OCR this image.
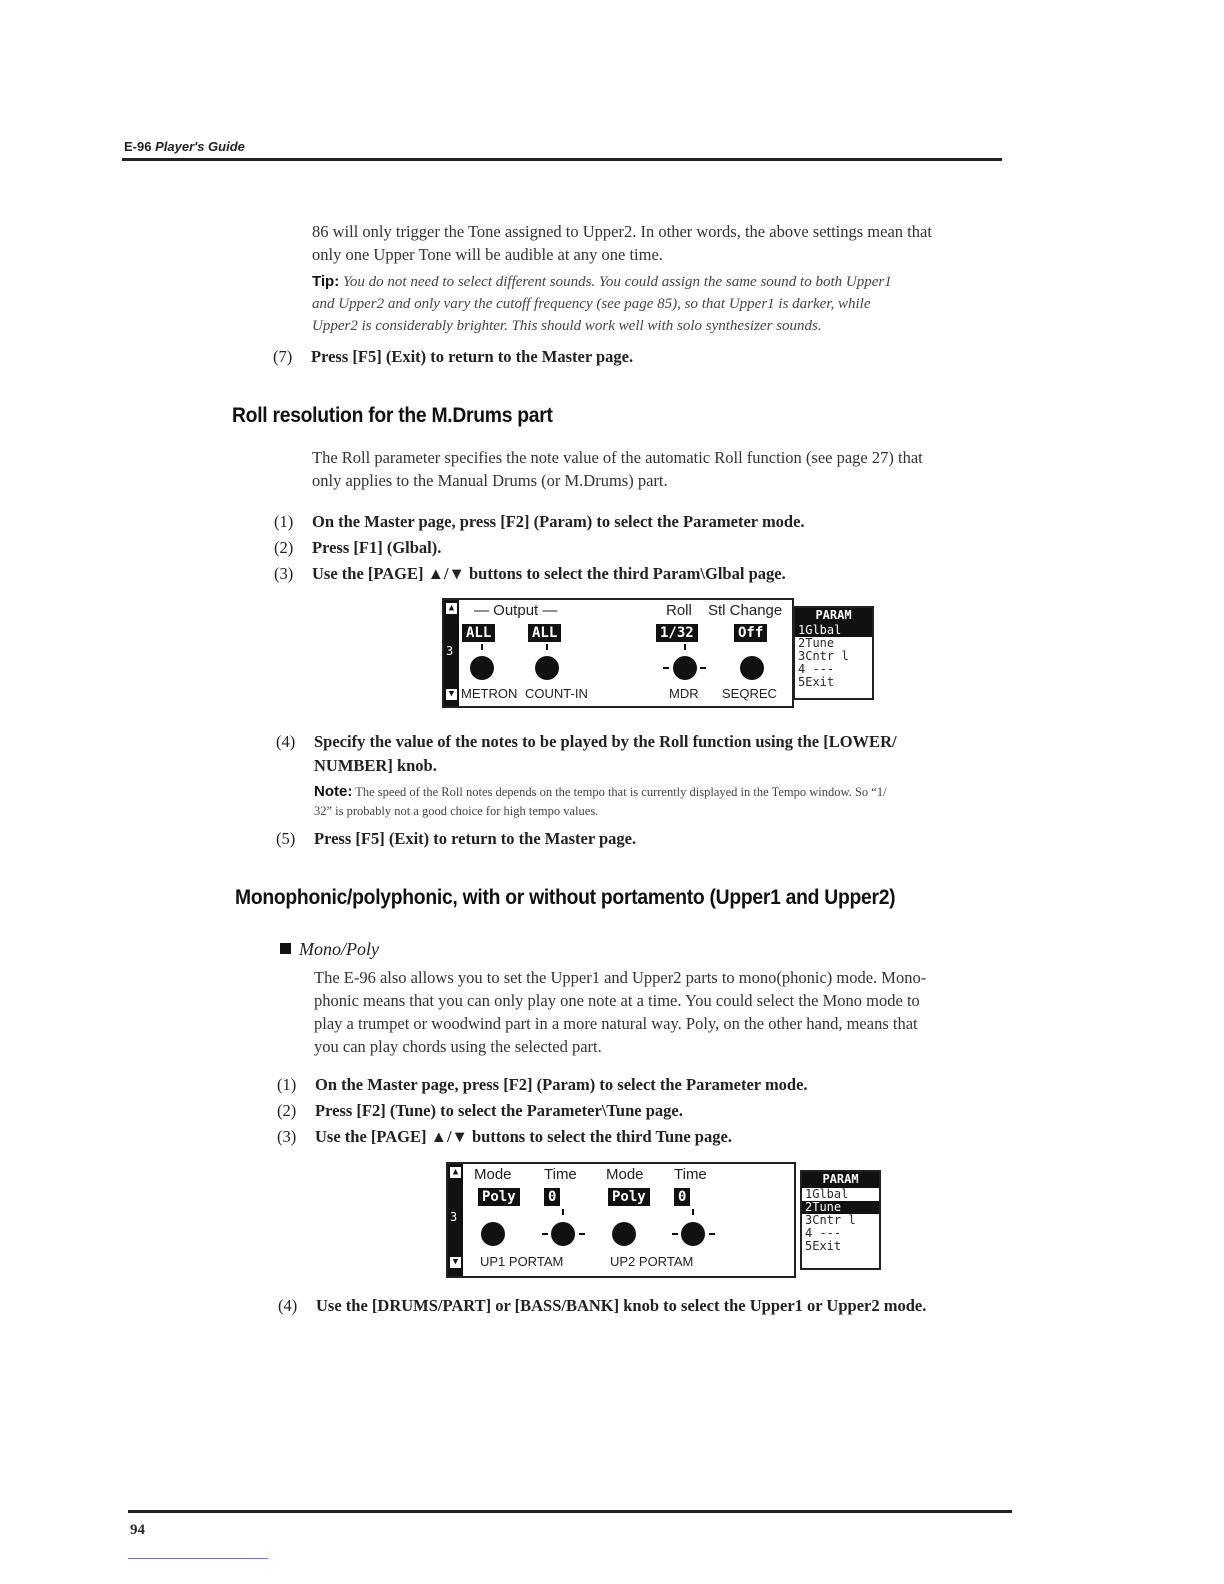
E-96 Player's Guide
86 will only trigger the Tone assigned to Upper2. In other words, the above settings mean that
only one Upper Tone will be audible at any one time.
Tip: You do not need to select different sounds. You could assign the same sound to both Upper1
and Upper2 and only vary the cutoff frequency (see page 85), so that Upper1 is darker, while
Upper2 is considerably brighter. This should work well with solo synthesizer sounds.
(7) Press [F5] (Exit) to return to the Master page.
Roll resolution for the M.Drums part
The Roll parameter specifies the note value of the automatic Roll function (see page 27) that
only applies to the Manual Drums (or M.Drums) part.
(1) On the Master page, press [F2] (Param) to select the Parameter mode.
(2) Press [F1] (Glbal).
(3) Use the [PAGE] ▲/▼ buttons to select the third Param\Glbal page.
▲
3
▼
— Output —	Roll Stl Change
ALL	ALL	1/32	Off
METRON COUNT-IN	MDR SEQREC
PARAM
1Glbal
2Tune
3Cntr l
4 ---
5Exit
(4) Specify the value of the notes to be played by the Roll function using the [LOWER/
NUMBER] knob.
Note: The speed of the Roll notes depends on the tempo that is currently displayed in the Tempo window. So “1/
32” is probably not a good choice for high tempo values.
(5) Press [F5] (Exit) to return to the Master page.
Monophonic/polyphonic, with or without portamento (Upper1 and Upper2)
Mono/Poly
The E-96 also allows you to set the Upper1 and Upper2 parts to mono(phonic) mode. Mono-
phonic means that you can only play one note at a time. You could select the Mono mode to
play a trumpet or woodwind part in a more natural way. Poly, on the other hand, means that
you can play chords using the selected part.
(1) On the Master page, press [F2] (Param) to select the Parameter mode.
(2) Press [F2] (Tune) to select the Parameter\Tune page.
(3) Use the [PAGE] ▲/▼ buttons to select the third Tune page.
▲
3
▼
Mode Time Mode Time
Poly 0	Poly 0
UP1 PORTAM	UP2 PORTAM
PARAM
1Glbal
2Tune
3Cntr l
4 ---
5Exit
(4) Use the [DRUMS/PART] or [BASS/BANK] knob to select the Upper1 or Upper2 mode.
94
